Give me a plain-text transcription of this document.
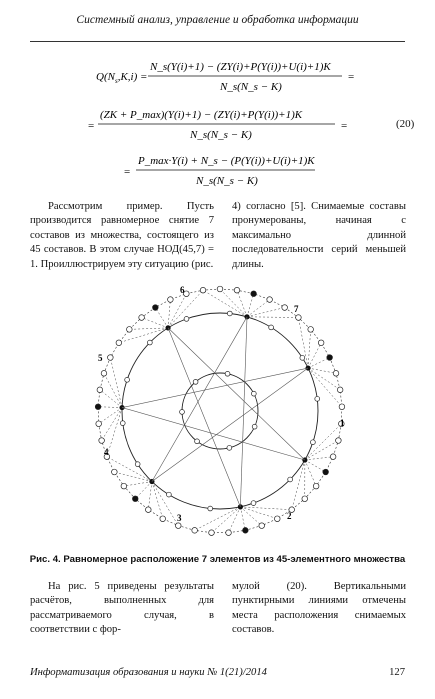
Системный анализ, управление и обработка информации
$Q(N_s,K,i)$ =
N_s(Y(i)+1) − (ZY(i)+P(Y(i))+U(i)+1)K
N_s(N_s − K)
=
=
(ZK + P_max)(Y(i)+1) − (ZY(i)+P(Y(i))+1)K
N_s(N_s − K)
=
=
P_max·Y(i) + N_s − (P(Y(i))+U(i)+1)K
N_s(N_s − K)
(20)

Рассмотрим пример. Пусть производится равномерное снятие 7 составов из множества, состоящего из 45 составов. В этом случае НОД(45,7) = 1. Проиллюстрируем эту ситуацию (рис.

4) согласно [5]. Снимаемые составы пронумерованы, начиная с максимально длинной последовательности серий меньшей длины.

1
2
3
4
5
6
7
Рис. 4. Равномерное расположение 7 элементов из 45-элементного множества

На рис. 5 приведены результаты расчётов, выполненных для рассматриваемого случая, в соответствии с фор-

мулой (20). Вертикальными пунктирными линиями отмечены места расположения снимаемых составов.

Информатизация образования и науки № 1(21)/2014	127
